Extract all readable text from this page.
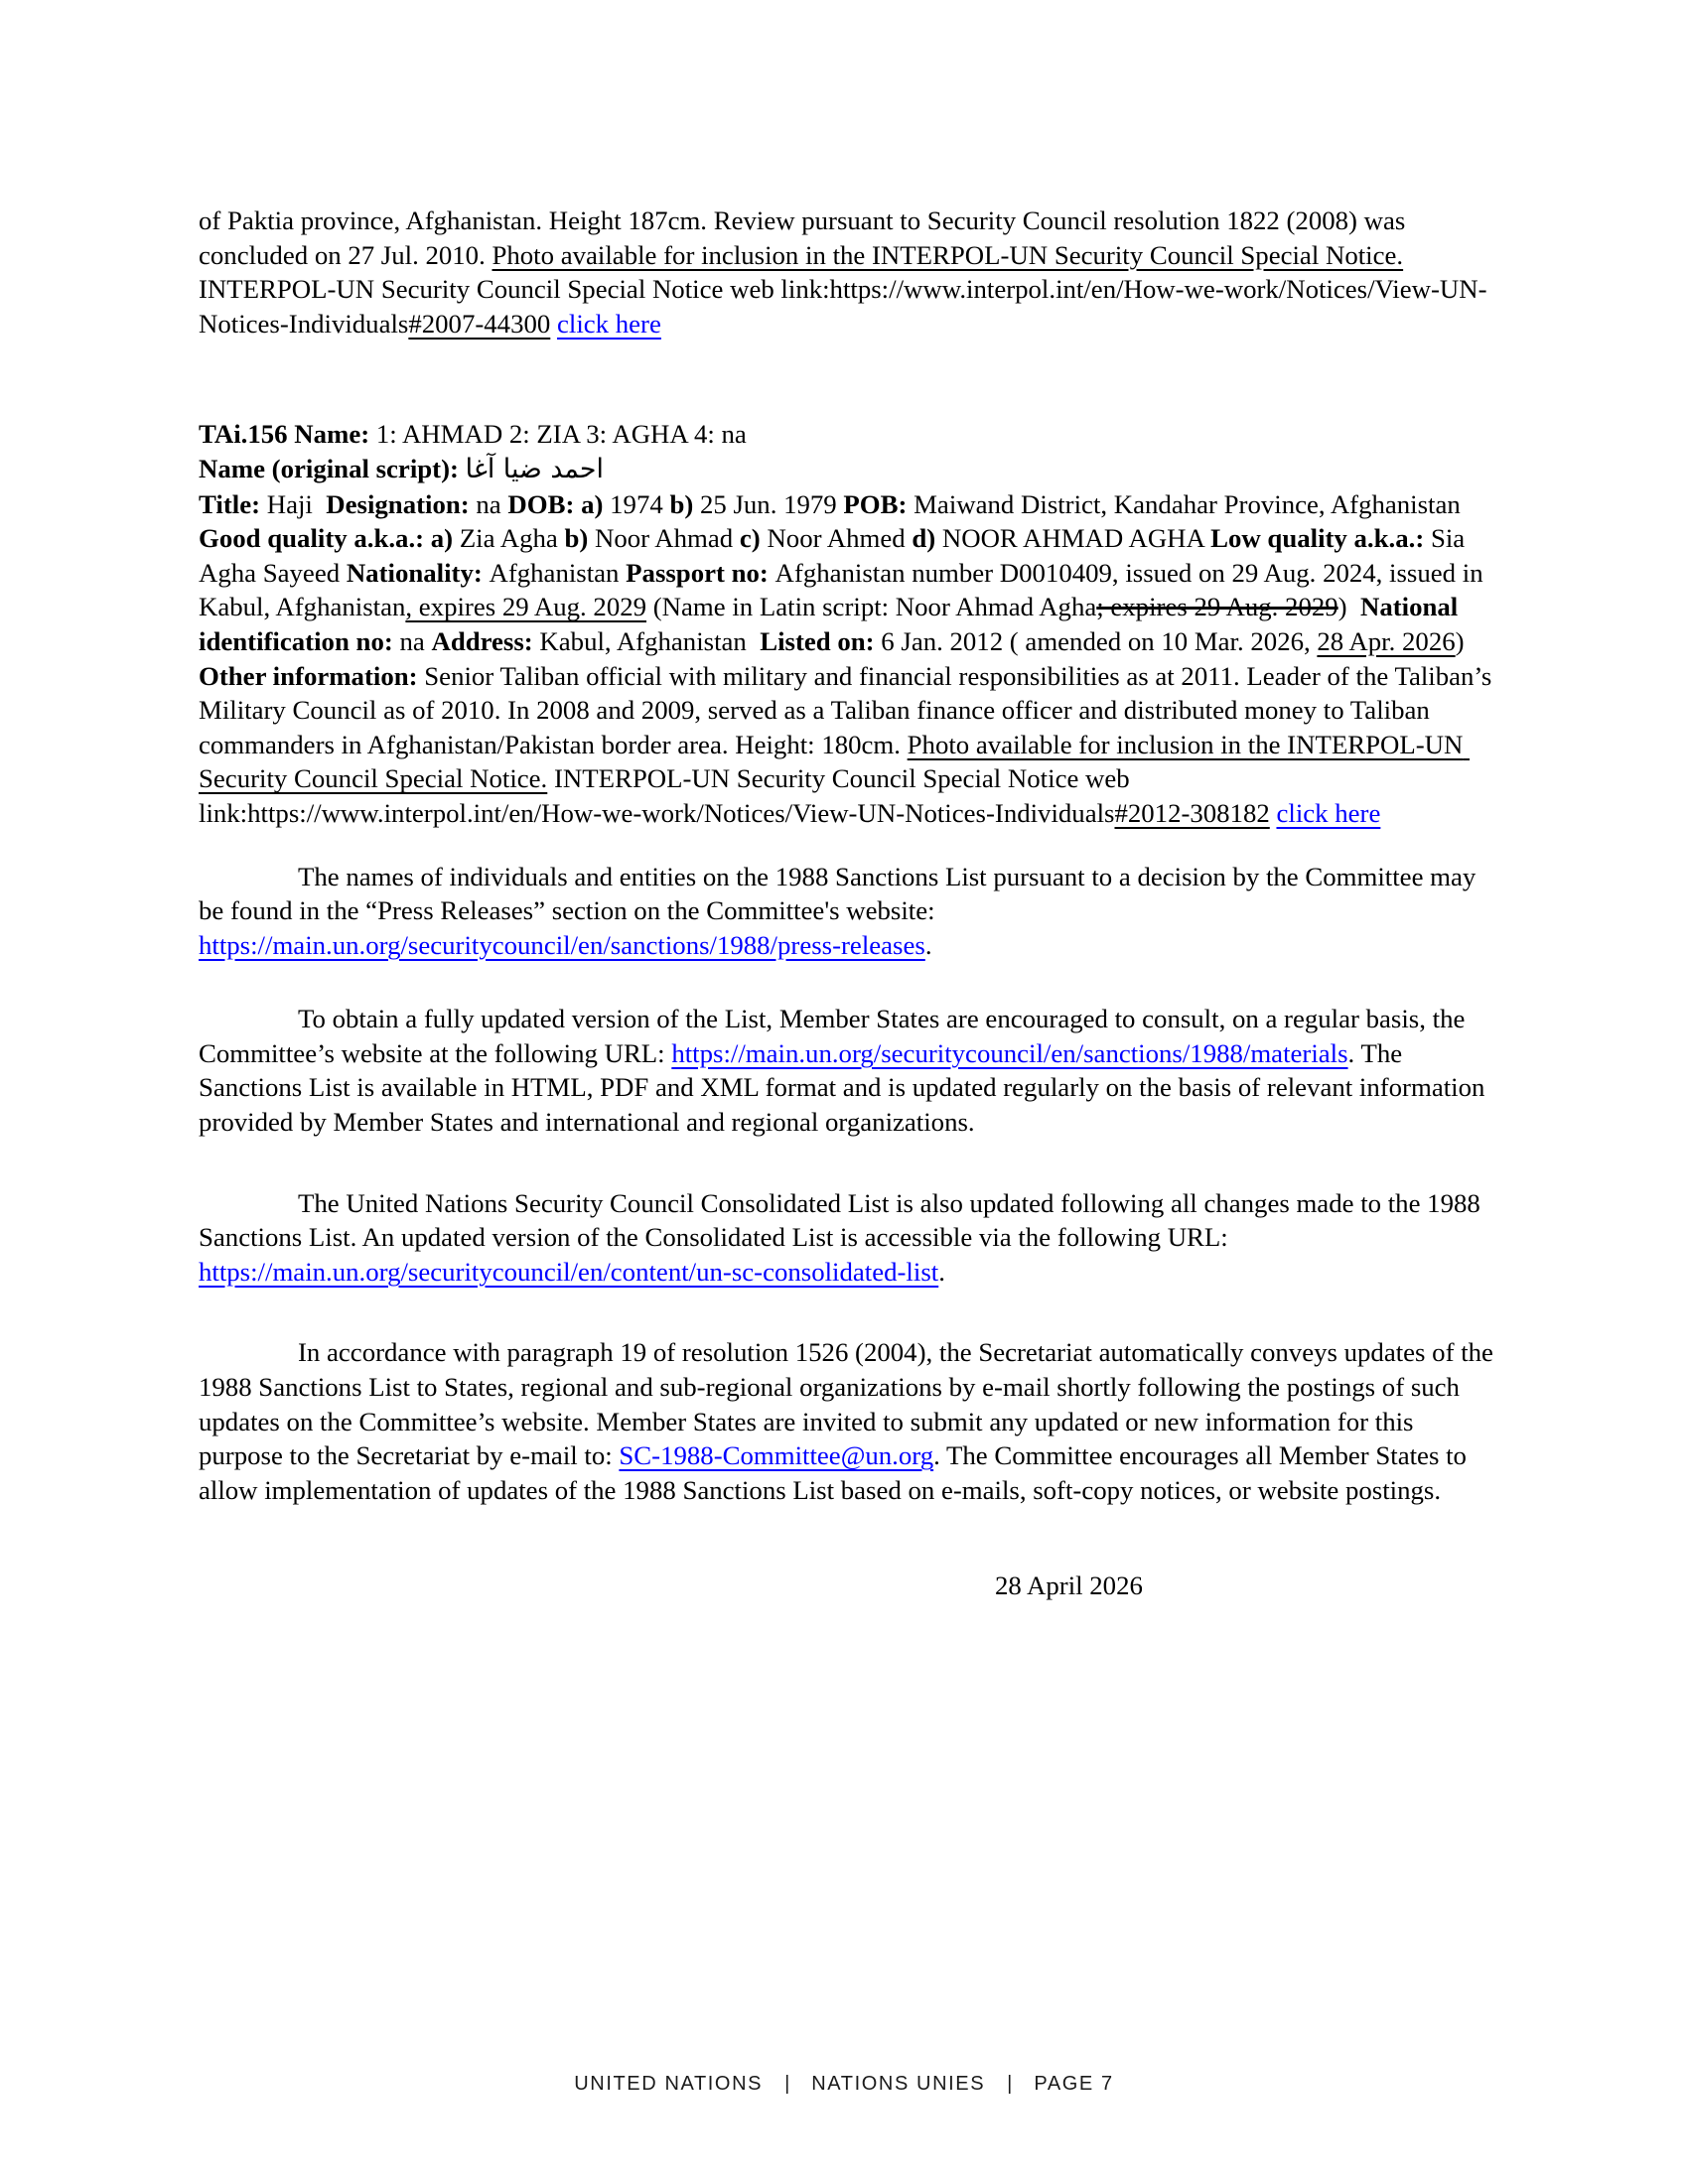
of Paktia province, Afghanistan. Height 187cm. Review pursuant to Security Council resolution 1822 (2008) was concluded on 27 Jul. 2010. Photo available for inclusion in the INTERPOL-UN Security Council Special Notice. INTERPOL-UN Security Council Special Notice web link:https://www.interpol.int/en/How-we-work/Notices/View-UN-Notices-Individuals#2007-44300 click here

TAi.156 Name: 1: AHMAD 2: ZIA 3: AGHA 4: na

Name (original script): احمد ضيا آغا

Title: Haji  Designation: na DOB: a) 1974 b) 25 Jun. 1979 POB: Maiwand District, Kandahar Province, Afghanistan  Good quality a.k.a.: a) Zia Agha b) Noor Ahmad c) Noor Ahmed d) NOOR AHMAD AGHA Low quality a.k.a.: Sia Agha Sayeed Nationality: Afghanistan Passport no: Afghanistan number D0010409, issued on 29 Aug. 2024, issued in Kabul, Afghanistan, expires 29 Aug. 2029 (Name in Latin script: Noor Ahmad Agha; expires 29 Aug. 2029)  National identification no: na Address: Kabul, Afghanistan  Listed on: 6 Jan. 2012 ( amended on 10 Mar. 2026, 28 Apr. 2026)  Other information: Senior Taliban official with military and financial responsibilities as at 2011. Leader of the Taliban’s Military Council as of 2010. In 2008 and 2009, served as a Taliban finance officer and distributed money to Taliban commanders in Afghanistan/Pakistan border area. Height: 180cm. Photo available for inclusion in the INTERPOL-UN Security Council Special Notice. INTERPOL-UN Security Council Special Notice web link:https://www.interpol.int/en/How-we-work/Notices/View-UN-Notices-Individuals#2012-308182 click here

The names of individuals and entities on the 1988 Sanctions List pursuant to a decision by the Committee may be found in the “Press Releases” section on the Committee's website: https://main.un.org/securitycouncil/en/sanctions/1988/press-releases.

To obtain a fully updated version of the List, Member States are encouraged to consult, on a regular basis, the Committee’s website at the following URL: https://main.un.org/securitycouncil/en/sanctions/1988/materials. The Sanctions List is available in HTML, PDF and XML format and is updated regularly on the basis of relevant information provided by Member States and international and regional organizations.

The United Nations Security Council Consolidated List is also updated following all changes made to the 1988 Sanctions List. An updated version of the Consolidated List is accessible via the following URL: https://main.un.org/securitycouncil/en/content/un-sc-consolidated-list.

In accordance with paragraph 19 of resolution 1526 (2004), the Secretariat automatically conveys updates of the 1988 Sanctions List to States, regional and sub-regional organizations by e-mail shortly following the postings of such updates on the Committee’s website. Member States are invited to submit any updated or new information for this purpose to the Secretariat by e-mail to: SC-1988-Committee@un.org. The Committee encourages all Member States to allow implementation of updates of the 1988 Sanctions List based on e-mails, soft-copy notices, or website postings.

28 April 2026

UNITED NATIONS | NATIONS UNIES | PAGE 7
